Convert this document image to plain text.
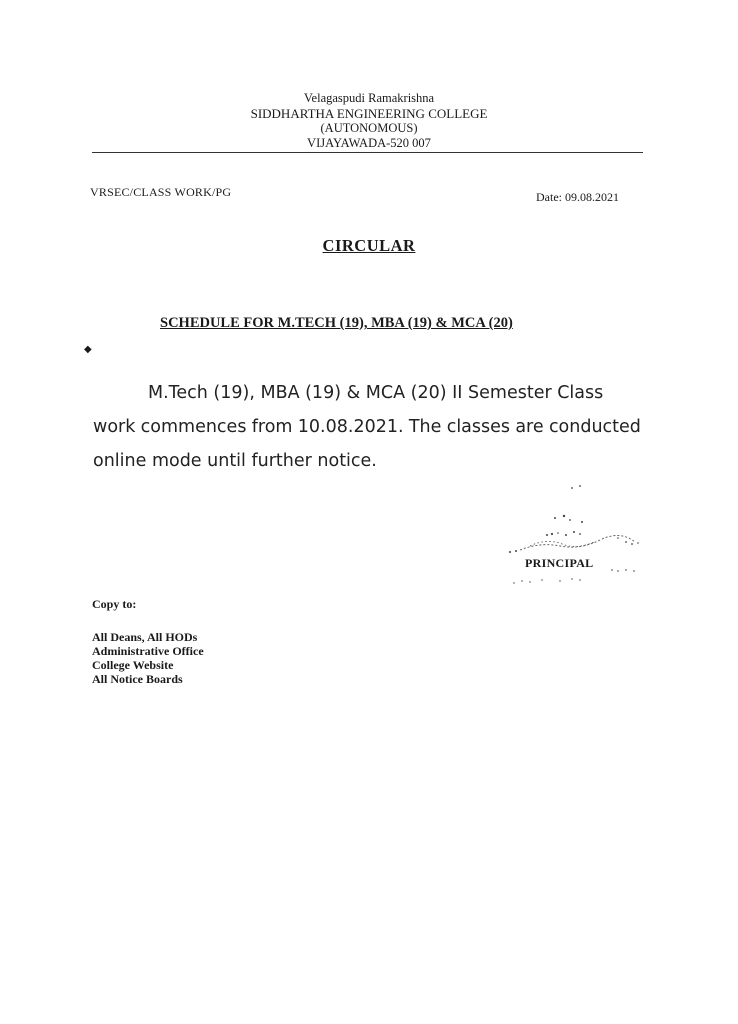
Velagaspudi Ramakrishna
SIDDHARTHA ENGINEERING COLLEGE
(AUTONOMOUS)
VIJAYAWADA-520 007
VRSEC/CLASS WORK/PG	Date: 09.08.2021
CIRCULAR
SCHEDULE FOR M.TECH (19), MBA (19) & MCA (20)
◆
M.Tech (19), MBA (19) & MCA (20) II Semester Class
work commences from 10.08.2021. The classes are conducted
online mode until further notice.
PRINCIPAL
Copy to:
All Deans, All HODs
Administrative Office
College Website
All Notice Boards
